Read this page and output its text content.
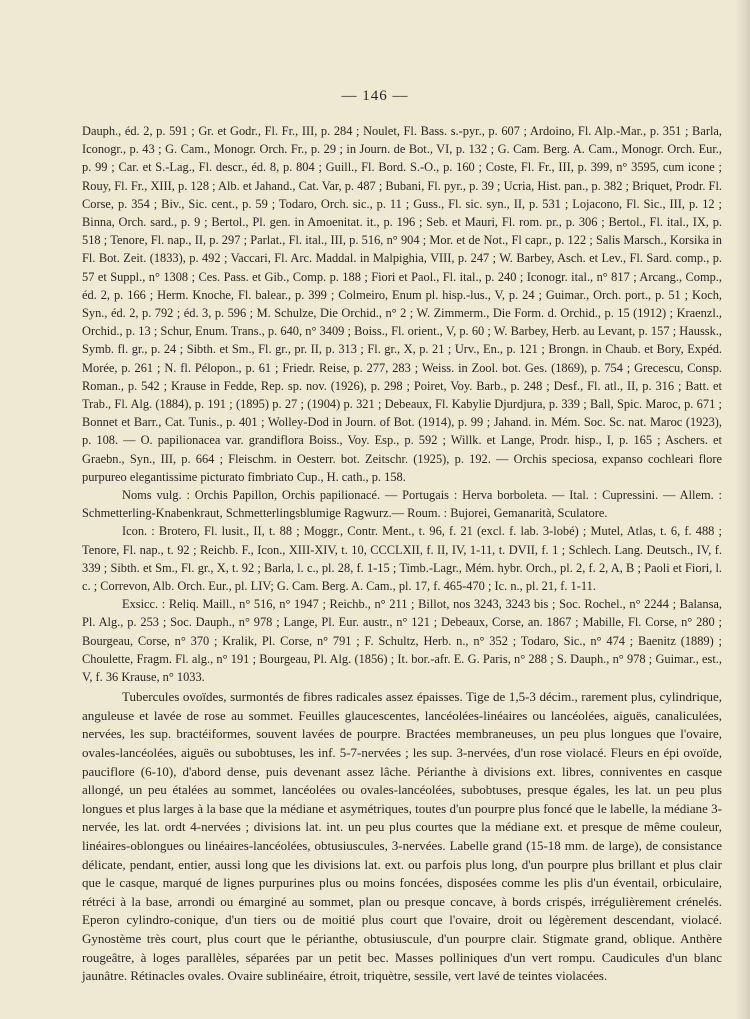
— 146 —

Dauph., éd. 2, p. 591 ; Gr. et Godr., Fl. Fr., III, p. 284 ; Noulet, Fl. Bass. s.-pyr., p. 607 ; Ardoino, Fl. Alp.-Mar., p. 351 ; Barla, Iconogr., p. 43 ; G. Cam., Monogr. Orch. Fr., p. 29 ; in Journ. de Bot., VI, p. 132 ; G. Cam. Berg. A. Cam., Monogr. Orch. Eur., p. 99 ; Car. et S.-Lag., Fl. descr., éd. 8, p. 804 ; Guill., Fl. Bord. S.-O., p. 160 ; Coste, Fl. Fr., III, p. 399, n° 3595, cum icone ; Rouy, Fl. Fr., XIII, p. 128 ; Alb. et Jahand., Cat. Var, p. 487 ; Bubani, Fl. pyr., p. 39 ; Ucria, Hist. pan., p. 382 ; Briquet, Prodr. Fl. Corse, p. 354 ; Biv., Sic. cent., p. 59 ; Todaro, Orch. sic., p. 11 ; Guss., Fl. sic. syn., II, p. 531 ; Lojacono, Fl. Sic., III, p. 12 ; Binna, Orch. sard., p. 9 ; Bertol., Pl. gen. in Amoenitat. it., p. 196 ; Seb. et Mauri, Fl. rom. pr., p. 306 ; Bertol., Fl. ital., IX, p. 518 ; Tenore, Fl. nap., II, p. 297 ; Parlat., Fl. ital., III, p. 516, n° 904 ; Mor. et de Not., Fl capr., p. 122 ; Salis Marsch., Korsika in Fl. Bot. Zeit. (1833), p. 492 ; Vaccari, Fl. Arc. Maddal. in Malpighia, VIII, p. 247 ; W. Barbey, Asch. et Lev., Fl. Sard. comp., p. 57 et Suppl., n° 1308 ; Ces. Pass. et Gib., Comp. p. 188 ; Fiori et Paol., Fl. ital., p. 240 ; Iconogr. ital., n° 817 ; Arcang., Comp., éd. 2, p. 166 ; Herm. Knoche, Fl. balear., p. 399 ; Colmeiro, Enum pl. hisp.-lus., V, p. 24 ; Guimar., Orch. port., p. 51 ; Koch, Syn., éd. 2, p. 792 ; éd. 3, p. 596 ; M. Schulze, Die Orchid., n° 2 ; W. Zimmerm., Die Form. d. Orchid., p. 15 (1912) ; Kraenzl., Orchid., p. 13 ; Schur, Enum. Trans., p. 640, n° 3409 ; Boiss., Fl. orient., V, p. 60 ; W. Barbey, Herb. au Levant, p. 157 ; Haussk., Symb. fl. gr., p. 24 ; Sibth. et Sm., Fl. gr., pr. II, p. 313 ; Fl. gr., X, p. 21 ; Urv., En., p. 121 ; Brongn. in Chaub. et Bory, Expéd. Morée, p. 261 ; N. fl. Pélopon., p. 61 ; Friedr. Reise, p. 277, 283 ; Weiss. in Zool. bot. Ges. (1869), p. 754 ; Grecescu, Consp. Roman., p. 542 ; Krause in Fedde, Rep. sp. nov. (1926), p. 298 ; Poiret, Voy. Barb., p. 248 ; Desf., Fl. atl., II, p. 316 ; Batt. et Trab., Fl. Alg. (1884), p. 191 ; (1895) p. 27 ; (1904) p. 321 ; Debeaux, Fl. Kabylie Djurdjura, p. 339 ; Ball, Spic. Maroc, p. 671 ; Bonnet et Barr., Cat. Tunis., p. 401 ; Wolley-Dod in Journ. of Bot. (1914), p. 99 ; Jahand. in. Mém. Soc. Sc. nat. Maroc (1923), p. 108. — O. papilionacea var. grandiflora Boiss., Voy. Esp., p. 592 ; Willk. et Lange, Prodr. hisp., I, p. 165 ; Aschers. et Graebn., Syn., III, p. 664 ; Fleischm. in Oesterr. bot. Zeitschr. (1925), p. 192. — Orchis speciosa, expanso cochleari flore purpureo elegantissime picturato fimbriato Cup., H. cath., p. 158.

Noms vulg. : Orchis Papillon, Orchis papilionacé. — Portugais : Herva borboleta. — Ital. : Cupressini. — Allem. : Schmetterling-Knabenkraut, Schmetterlingsblumige Ragwurz.— Roum. : Bujorei, Gemanarità, Sculatore.

Icon. : Brotero, Fl. lusit., II, t. 88 ; Moggr., Contr. Ment., t. 96, f. 21 (excl. f. lab. 3-lobé) ; Mutel, Atlas, t. 6, f. 488 ; Tenore, Fl. nap., t. 92 ; Reichb. F., Icon., XIII-XIV, t. 10, CCCLXII, f. II, IV, 1-11, t. DVII, f. 1 ; Schlech. Lang. Deutsch., IV, f. 339 ; Sibth. et Sm., Fl. gr., X, t. 92 ; Barla, l. c., pl. 28, f. 1-15 ; Timb.-Lagr., Mém. hybr. Orch., pl. 2, f. 2, A, B ; Paoli et Fiori, l. c. ; Correvon, Alb. Orch. Eur., pl. LIV; G. Cam. Berg. A. Cam., pl. 17, f. 465-470 ; Ic. n., pl. 21, f. 1-11.

Exsicc. : Reliq. Maill., n° 516, n° 1947 ; Reichb., n° 211 ; Billot, nos 3243, 3243 bis ; Soc. Rochel., n° 2244 ; Balansa, Pl. Alg., p. 253 ; Soc. Dauph., n° 978 ; Lange, Pl. Eur. austr., n° 121 ; Debeaux, Corse, an. 1867 ; Mabille, Fl. Corse, n° 280 ; Bourgeau, Corse, n° 370 ; Kralik, Pl. Corse, n° 791 ; F. Schultz, Herb. n., n° 352 ; Todaro, Sic., n° 474 ; Baenitz (1889) ; Choulette, Fragm. Fl. alg., n° 191 ; Bourgeau, Pl. Alg. (1856) ; It. bor.-afr. E. G. Paris, n° 288 ; S. Dauph., n° 978 ; Guimar., est., V, f. 36 Krause, n° 1033.

Tubercules ovoïdes, surmontés de fibres radicales assez épaisses. Tige de 1,5-3 décim., rarement plus, cylindrique, anguleuse et lavée de rose au sommet. Feuilles glaucescentes, lancéolées-linéaires ou lancéolées, aiguës, canaliculées, nervées, les sup. bractéiformes, souvent lavées de pourpre. Bractées membraneuses, un peu plus longues que l'ovaire, ovales-lancéolées, aiguës ou subobtuses, les inf. 5-7-nervées ; les sup. 3-nervées, d'un rose violacé. Fleurs en épi ovoïde, pauciflore (6-10), d'abord dense, puis devenant assez lâche. Périanthe à divisions ext. libres, conniventes en casque allongé, un peu étalées au sommet, lancéolées ou ovales-lancéolées, subobtuses, presque égales, les lat. un peu plus longues et plus larges à la base que la médiane et asymétriques, toutes d'un pourpre plus foncé que le labelle, la médiane 3-nervée, les lat. ordt 4-nervées ; divisions lat. int. un peu plus courtes que la médiane ext. et presque de même couleur, linéaires-oblongues ou linéaires-lancéolées, obtusiuscules, 3-nervées. Labelle grand (15-18 mm. de large), de consistance délicate, pendant, entier, aussi long que les divisions lat. ext. ou parfois plus long, d'un pourpre plus brillant et plus clair que le casque, marqué de lignes purpurines plus ou moins foncées, disposées comme les plis d'un éventail, orbiculaire, rétréci à la base, arrondi ou émarginé au sommet, plan ou presque concave, à bords crispés, irrégulièrement crénelés. Eperon cylindro-conique, d'un tiers ou de moitié plus court que l'ovaire, droit ou légèrement descendant, violacé. Gynostème très court, plus court que le périanthe, obtusiuscule, d'un pourpre clair. Stigmate grand, oblique. Anthère rougeâtre, à loges parallèles, séparées par un petit bec. Masses polliniques d'un vert rompu. Caudicules d'un blanc jaunâtre. Rétinacles ovales. Ovaire sublinéaire, étroit, triquètre, sessile, vert lavé de teintes violacées.
